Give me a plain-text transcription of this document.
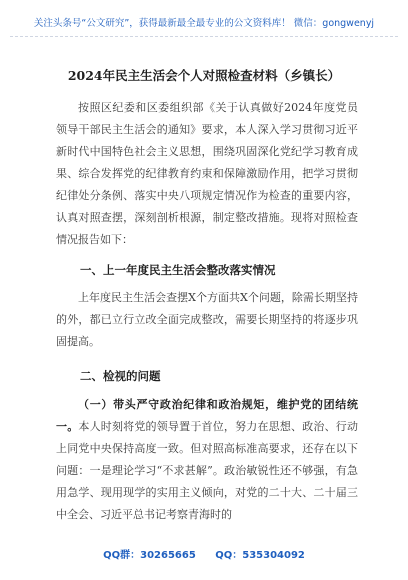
关注头条号“公文研究”，获得最新最全最专业的公文资料库！ 微信：gongwenyj
2024年民主生活会个人对照检查材料（乡镇长）

按照区纪委和区委组织部《关于认真做好2024年度党员领导干部民主生活会的通知》要求，本人深入学习贯彻习近平新时代中国特色社会主义思想，围绕巩固深化党纪学习教育成果、综合发挥党的纪律教育约束和保障激励作用，把学习贯彻纪律处分条例、落实中央八项规定情况作为检查的重要内容，认真对照查摆，深刻剖析根源，制定整改措施。现将对照检查情况报告如下：

一、上一年度民主生活会整改落实情况

上年度民主生活会查摆X个方面共X个问题，除需长期坚持的外，都已立行立改全面完成整改，需要长期坚持的将逐步巩固提高。

二、检视的问题

（一）带头严守政治纪律和政治规矩，维护党的团结统一。本人时刻将党的领导置于首位，努力在思想、政治、行动上同党中央保持高度一致。但对照高标准高要求，还存在以下问题：一是理论学习“不求甚解”。政治敏锐性还不够强，有急用急学、现用现学的实用主义倾向，对党的二十大、二十届三中全会、习近平总书记考察青海时的

QQ群：30265665 QQ：535304092
